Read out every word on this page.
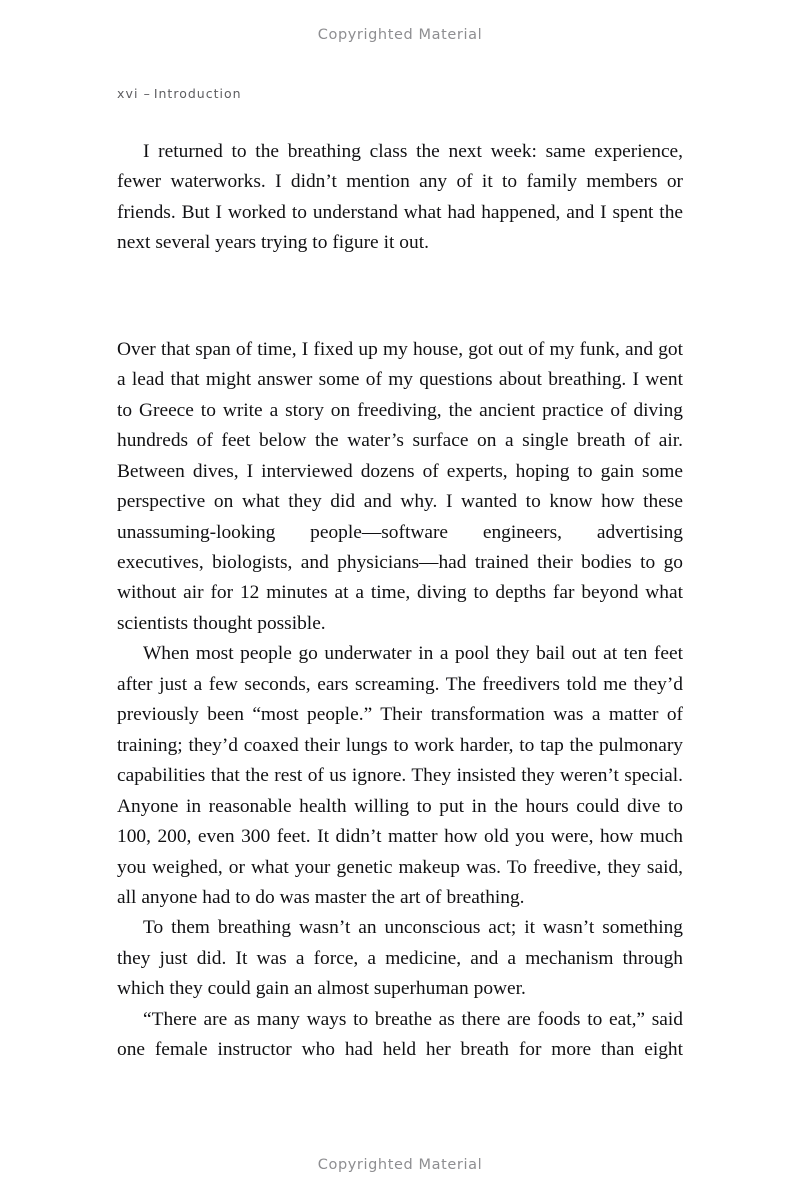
Copyrighted Material
xvi – Introduction

I returned to the breathing class the next week: same experience, fewer waterworks. I didn’t mention any of it to family members or friends. But I worked to understand what had happened, and I spent the next several years trying to figure it out.

Over that span of time, I fixed up my house, got out of my funk, and got a lead that might answer some of my questions about breathing. I went to Greece to write a story on freediving, the ancient practice of diving hundreds of feet below the water’s surface on a single breath of air. Between dives, I interviewed dozens of experts, hoping to gain some perspective on what they did and why. I wanted to know how these unassuming-looking people—software engineers, advertising executives, biologists, and physicians—had trained their bodies to go without air for 12 minutes at a time, diving to depths far beyond what scientists thought possible.

When most people go underwater in a pool they bail out at ten feet after just a few seconds, ears screaming. The freedivers told me they’d previously been “most people.” Their transformation was a matter of training; they’d coaxed their lungs to work harder, to tap the pulmonary capabilities that the rest of us ignore. They insisted they weren’t special. Anyone in reasonable health willing to put in the hours could dive to 100, 200, even 300 feet. It didn’t matter how old you were, how much you weighed, or what your genetic makeup was. To freedive, they said, all anyone had to do was master the art of breathing.

To them breathing wasn’t an unconscious act; it wasn’t something they just did. It was a force, a medicine, and a mechanism through which they could gain an almost superhuman power.

“There are as many ways to breathe as there are foods to eat,” said one female instructor who had held her breath for more than eight

Copyrighted Material
